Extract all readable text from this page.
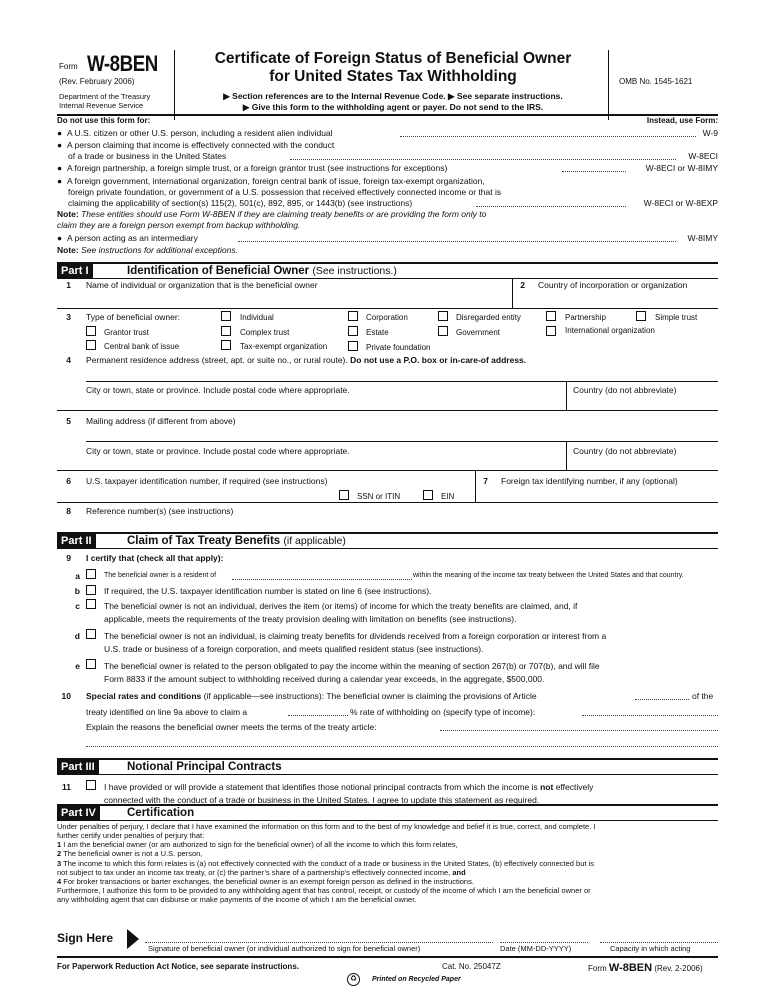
Form W-8BEN
(Rev. February 2006)
Department of the Treasury
Internal Revenue Service
Certificate of Foreign Status of Beneficial Owner
for United States Tax Withholding
▶ Section references are to the Internal Revenue Code. ▶ See separate instructions.
▶ Give this form to the withholding agent or payer. Do not send to the IRS.
OMB No. 1545-1621
Do not use this form for:	Instead, use Form:
● A U.S. citizen or other U.S. person, including a resident alien individual	W-9
● A person claiming that income is effectively connected with the conduct
of a trade or business in the United States	W-8ECI
● A foreign partnership, a foreign simple trust, or a foreign grantor trust (see instructions for exceptions)	W-8ECI or W-8IMY
● A foreign government, international organization, foreign central bank of issue, foreign tax-exempt organization,
foreign private foundation, or government of a U.S. possession that received effectively connected income or that is
claiming the applicability of section(s) 115(2), 501(c), 892, 895, or 1443(b) (see instructions)	W-8ECI or W-8EXP
Note: These entities should use Form W-8BEN if they are claiming treaty benefits or are providing the form only to
claim they are a foreign person exempt from backup withholding.
● A person acting as an intermediary	W-8IMY
Note: See instructions for additional exceptions.
Part I	Identification of Beneficial Owner (See instructions.)
1 Name of individual or organization that is the beneficial owner	2 Country of incorporation or organization
3 Type of beneficial owner:	Individual	Corporation	Disregarded entity	Partnership	Simple trust
Grantor trust	Complex trust	Estate	Government	International organization
Central bank of issue	Tax-exempt organization	Private foundation
4 Permanent residence address (street, apt. or suite no., or rural route). Do not use a P.O. box or in-care-of address.
City or town, state or province. Include postal code where appropriate.	Country (do not abbreviate)
5 Mailing address (if different from above)
City or town, state or province. Include postal code where appropriate.	Country (do not abbreviate)
6 U.S. taxpayer identification number, if required (see instructions)
SSN or ITIN	EIN
7 Foreign tax identifying number, if any (optional)
8 Reference number(s) (see instructions)
Part II	Claim of Tax Treaty Benefits (if applicable)
9 I certify that (check all that apply):
a	The beneficial owner is a resident of	within the meaning of the income tax treaty between the United States and that country.
b	If required, the U.S. taxpayer identification number is stated on line 6 (see instructions).
c	The beneficial owner is not an individual, derives the item (or items) of income for which the treaty benefits are claimed, and, if
applicable, meets the requirements of the treaty provision dealing with limitation on benefits (see instructions).
d	The beneficial owner is not an individual, is claiming treaty benefits for dividends received from a foreign corporation or interest from a
U.S. trade or business of a foreign corporation, and meets qualified resident status (see instructions).
e	The beneficial owner is related to the person obligated to pay the income within the meaning of section 267(b) or 707(b), and will file
Form 8833 if the amount subject to withholding received during a calendar year exceeds, in the aggregate, $500,000.
10 Special rates and conditions (if applicable—see instructions): The beneficial owner is claiming the provisions of Article	of the
treaty identified on line 9a above to claim a	% rate of withholding on (specify type of income):
Explain the reasons the beneficial owner meets the terms of the treaty article:
Part III	Notional Principal Contracts
11	I have provided or will provide a statement that identifies those notional principal contracts from which the income is not effectively
connected with the conduct of a trade or business in the United States. I agree to update this statement as required.
Part IV	Certification
Under penalties of perjury, I declare that I have examined the information on this form and to the best of my knowledge and belief it is true, correct, and complete. I
further certify under penalties of perjury that:
1 I am the beneficial owner (or am authorized to sign for the beneficial owner) of all the income to which this form relates,
2 The beneficial owner is not a U.S. person,
3 The income to which this form relates is (a) not effectively connected with the conduct of a trade or business in the United States, (b) effectively connected but is
not subject to tax under an income tax treaty, or (c) the partner’s share of a partnership’s effectively connected income, and
4 For broker transactions or barter exchanges, the beneficial owner is an exempt foreign person as defined in the instructions.
Furthermore, I authorize this form to be provided to any withholding agent that has control, receipt, or custody of the income of which I am the beneficial owner or
any withholding agent that can disburse or make payments of the income of which I am the beneficial owner.
Sign Here
Signature of beneficial owner (or individual authorized to sign for beneficial owner)	Date (MM-DD-YYYY)	Capacity in which acting
For Paperwork Reduction Act Notice, see separate instructions.	Cat. No. 25047Z	Form W-8BEN (Rev. 2-2006)
♻	Printed on Recycled Paper
